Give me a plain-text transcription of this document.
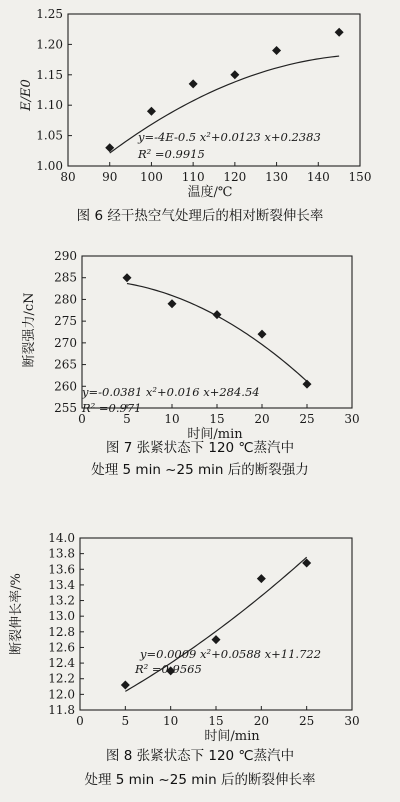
80 90 100 110 120 130 140 150
1.00
1.05
1.10
1.15
1.20
1.25
y=-4E-0.5 x²+0.0123 x+0.2383
R² =0.9915
温度/℃
E/E0
图 6 经干热空气处理后的相对断裂伸长率
0	5	10 15 20 25 30
255
260
265
270
275
280
285
290
y=-0.0381 x²+0.016 x+284.54
R² =0.971
时间/min
断裂强力/cN
图 7 张紧状态下 120 ℃蒸汽中
处理 5 min ~25 min 后的断裂强力
0	5	10	15	20	25	30
11.8
12.0
12.2
12.4
12.6
12.8
13.0
13.2
13.4
13.6
13.8
14.0
y=0.0009 x²+0.0588 x+11.722
R² =0.9565
时间/min
断裂伸长率/%
图 8 张紧状态下 120 ℃蒸汽中
处理 5 min ~25 min 后的断裂伸长率
